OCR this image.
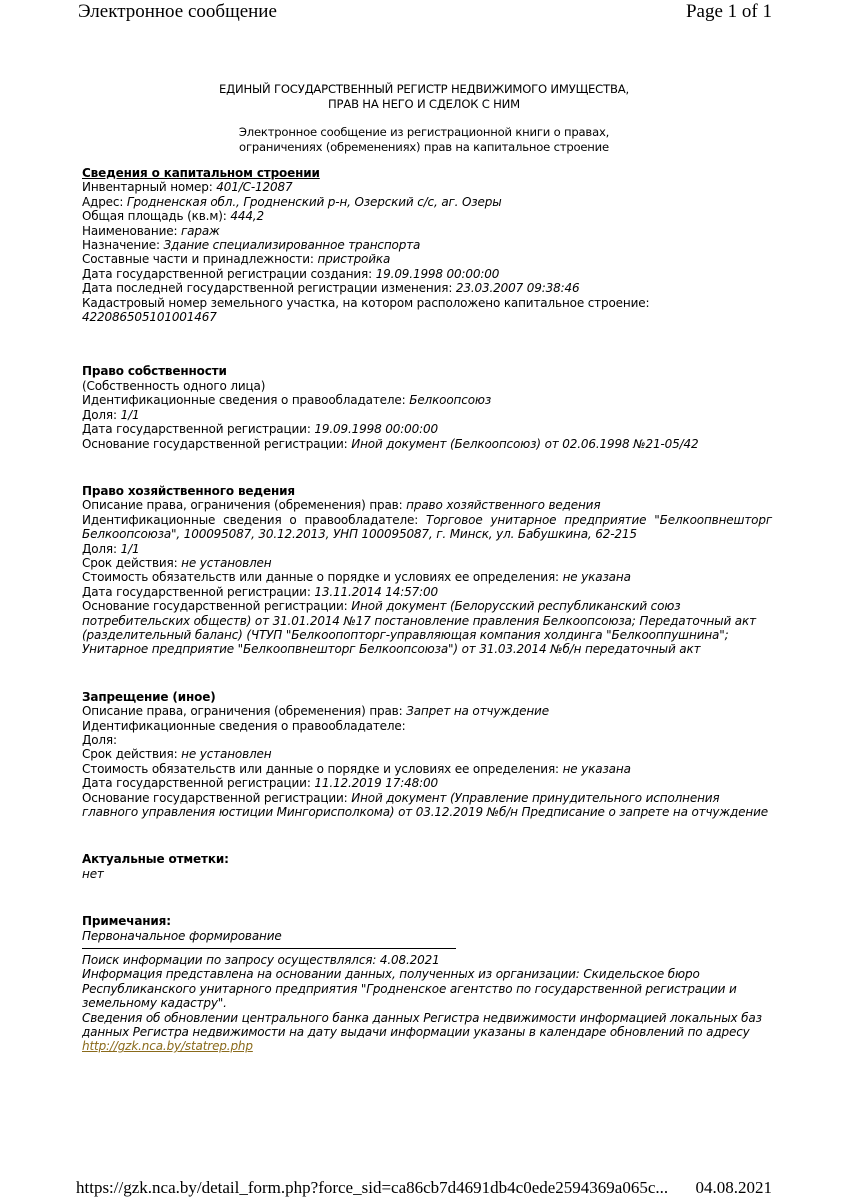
Электронное сообщение	Page 1 of 1
ЕДИНЫЙ ГОСУДАРСТВЕННЫЙ РЕГИСТР НЕДВИЖИМОГО ИМУЩЕСТВА,
ПРАВ НА НЕГО И СДЕЛОК С НИМ
Электронное сообщение из регистрационной книги о правах,
ограничениях (обременениях) прав на капитальное строение
Сведения о капитальном строении
Инвентарный номер: 401/С-12087
Адрес: Гродненская обл., Гродненский р-н, Озерский с/с, аг. Озеры
Общая площадь (кв.м): 444,2
Наименование: гараж
Назначение: Здание специализированное транспорта
Составные части и принадлежности: пристройка
Дата государственной регистрации создания: 19.09.1998 00:00:00
Дата последней государственной регистрации изменения: 23.03.2007 09:38:46
Кадастровый номер земельного участка, на котором расположено капитальное строение:
422086505101001467
Право собственности
(Собственность одного лица)
Идентификационные сведения о правообладателе: Белкоопсоюз
Доля: 1/1
Дата государственной регистрации: 19.09.1998 00:00:00
Основание государственной регистрации: Иной документ (Белкоопсоюз) от 02.06.1998 №21-05/42
Право хозяйственного ведения
Описание права, ограничения (обременения) прав: право хозяйственного ведения
Идентификационные сведения о правообладателе: Торговое унитарное предприятие "Белкоопвнешторг Белкоопсоюза", 100095087, 30.12.2013, УНП 100095087, г. Минск, ул. Бабушкина, 62-215
Доля: 1/1
Срок действия: не установлен
Стоимость обязательств или данные о порядке и условиях ее определения: не указана
Дата государственной регистрации: 13.11.2014 14:57:00
Основание государственной регистрации: Иной документ (Белорусский республиканский союз потребительских обществ) от 31.01.2014 №17 постановление правления Белкоопсоюза; Передаточный акт (разделительный баланс) (ЧТУП "Белкоопопторг-управляющая компания холдинга "Белкооппушнина"; Унитарное предприятие "Белкоопвнешторг Белкоопсоюза") от 31.03.2014 №б/н передаточный акт
Запрещение (иное)
Описание права, ограничения (обременения) прав: Запрет на отчуждение
Идентификационные сведения о правообладателе:
Доля:
Срок действия: не установлен
Стоимость обязательств или данные о порядке и условиях ее определения: не указана
Дата государственной регистрации: 11.12.2019 17:48:00
Основание государственной регистрации: Иной документ (Управление принудительного исполнения главного управления юстиции Мингорисполкома) от 03.12.2019 №б/н Предписание о запрете на отчуждение
Актуальные отметки:
нет
Примечания:
Первоначальное формирование
Поиск информации по запросу осуществлялся: 4.08.2021
Информация представлена на основании данных, полученных из организации: Скидельское бюро Республиканского унитарного предприятия "Гродненское агентство по государственной регистрации и земельному кадастру".
Сведения об обновлении центрального банка данных Регистра недвижимости информацией локальных баз данных Регистра недвижимости на дату выдачи информации указаны в календаре обновлений по адресу
http://gzk.nca.by/statrep.php
https://gzk.nca.by/detail_form.php?force_sid=ca86cb7d4691db4c0ede2594369a065c... 04.08.2021
